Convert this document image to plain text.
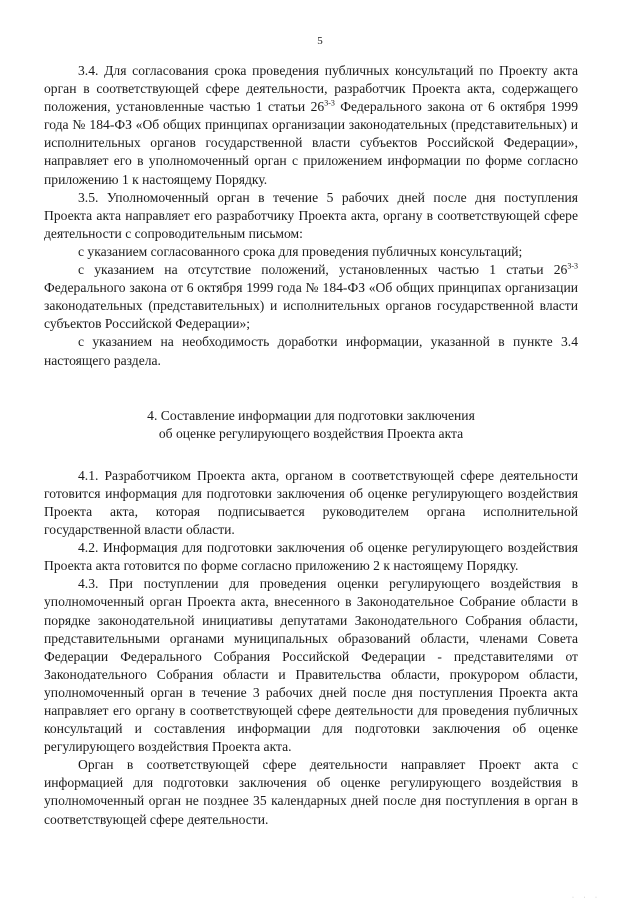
5

3.4. Для согласования срока проведения публичных консультаций по Проекту акта орган в соответствующей сфере деятельности, разработчик Проекта акта, содержащего положения, установленные частью 1 статьи 26$^{3-3}$ Федерального закона от 6 октября 1999 года № 184-ФЗ «Об общих принципах организации законодательных (представительных) и исполнительных органов государственной власти субъектов Российской Федерации», направляет его в уполномоченный орган с приложением информации по форме согласно приложению 1 к настоящему Порядку.

3.5. Уполномоченный орган в течение 5 рабочих дней после дня поступления Проекта акта направляет его разработчику Проекта акта, органу в соответствующей сфере деятельности с сопроводительным письмом:

с указанием согласованного срока для проведения публичных консультаций;

с указанием на отсутствие положений, установленных частью 1 статьи 26$^{3-3}$ Федерального закона от 6 октября 1999 года № 184-ФЗ «Об общих принципах организации законодательных (представительных) и исполнительных органов государственной власти субъектов Российской Федерации»;

с указанием на необходимость доработки информации, указанной в пункте 3.4 настоящего раздела.

4. Составление информации для подготовки заключения
об оценке регулирующего воздействия Проекта акта

4.1. Разработчиком Проекта акта, органом в соответствующей сфере деятельности готовится информация для подготовки заключения об оценке регулирующего воздействия Проекта акта, которая подписывается руководителем органа исполнительной государственной власти области.

4.2. Информация для подготовки заключения об оценке регулирующего воздействия Проекта акта готовится по форме согласно приложению 2 к настоящему Порядку.

4.3. При поступлении для проведения оценки регулирующего воздействия в уполномоченный орган Проекта акта, внесенного в Законодательное Собрание области в порядке законодательной инициативы депутатами Законодательного Собрания области, представительными органами муниципальных образований области, членами Совета Федерации Федерального Собрания Российской Федерации - представителями от Законодательного Собрания области и Правительства области, прокурором области, уполномоченный орган в течение 3 рабочих дней после дня поступления Проекта акта направляет его органу в соответствующей сфере деятельности для проведения публичных консультаций и составления информации для подготовки заключения об оценке регулирующего воздействия Проекта акта.

Орган в соответствующей сфере деятельности направляет Проект акта с информацией для подготовки заключения об оценке регулирующего воздействия в уполномоченный орган не позднее 35 календарных дней после дня поступления в орган в соответствующей сфере деятельности.

· · ·
